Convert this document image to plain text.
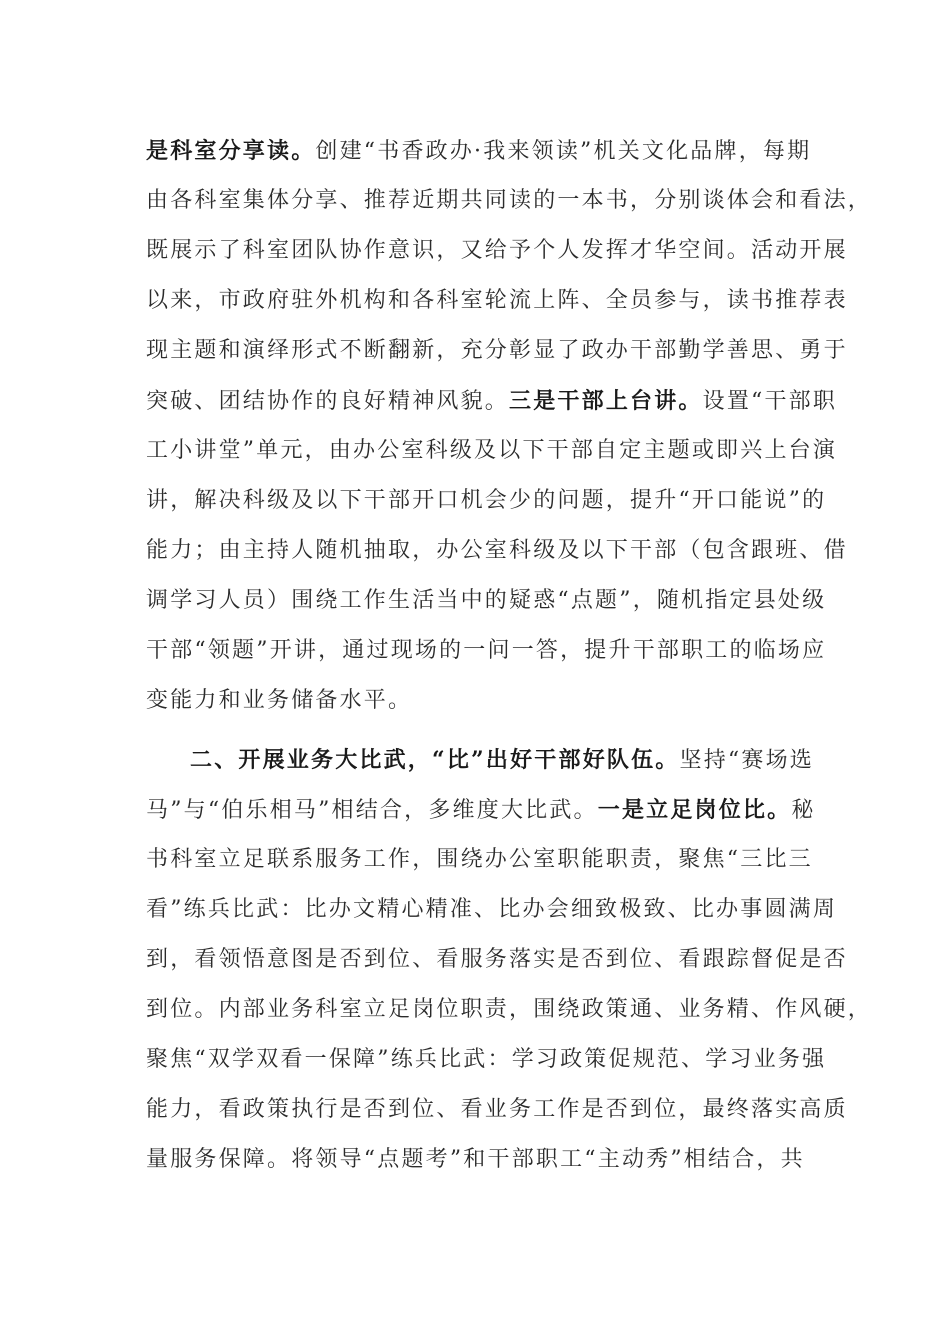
是科室分享读。创建“书香政办·我来领读”机关文化品牌，每期
由各科室集体分享、推荐近期共同读的一本书，分别谈体会和看法，
既展示了科室团队协作意识，又给予个人发挥才华空间。活动开展
以来，市政府驻外机构和各科室轮流上阵、全员参与，读书推荐表
现主题和演绎形式不断翻新，充分彰显了政办干部勤学善思、勇于
突破、团结协作的良好精神风貌。三是干部上台讲。设置“干部职
工小讲堂”单元，由办公室科级及以下干部自定主题或即兴上台演
讲，解决科级及以下干部开口机会少的问题，提升“开口能说”的
能力；由主持人随机抽取，办公室科级及以下干部（包含跟班、借
调学习人员）围绕工作生活当中的疑惑“点题”，随机指定县处级
干部“领题”开讲，通过现场的一问一答，提升干部职工的临场应
变能力和业务储备水平。
二、开展业务大比武，“比”出好干部好队伍。坚持“赛场选
马”与“伯乐相马”相结合，多维度大比武。一是立足岗位比。秘
书科室立足联系服务工作，围绕办公室职能职责，聚焦“三比三
看”练兵比武：比办文精心精准、比办会细致极致、比办事圆满周
到，看领悟意图是否到位、看服务落实是否到位、看跟踪督促是否
到位。内部业务科室立足岗位职责，围绕政策通、业务精、作风硬，
聚焦“双学双看一保障”练兵比武：学习政策促规范、学习业务强
能力，看政策执行是否到位、看业务工作是否到位，最终落实高质
量服务保障。将领导“点题考”和干部职工“主动秀”相结合，共
